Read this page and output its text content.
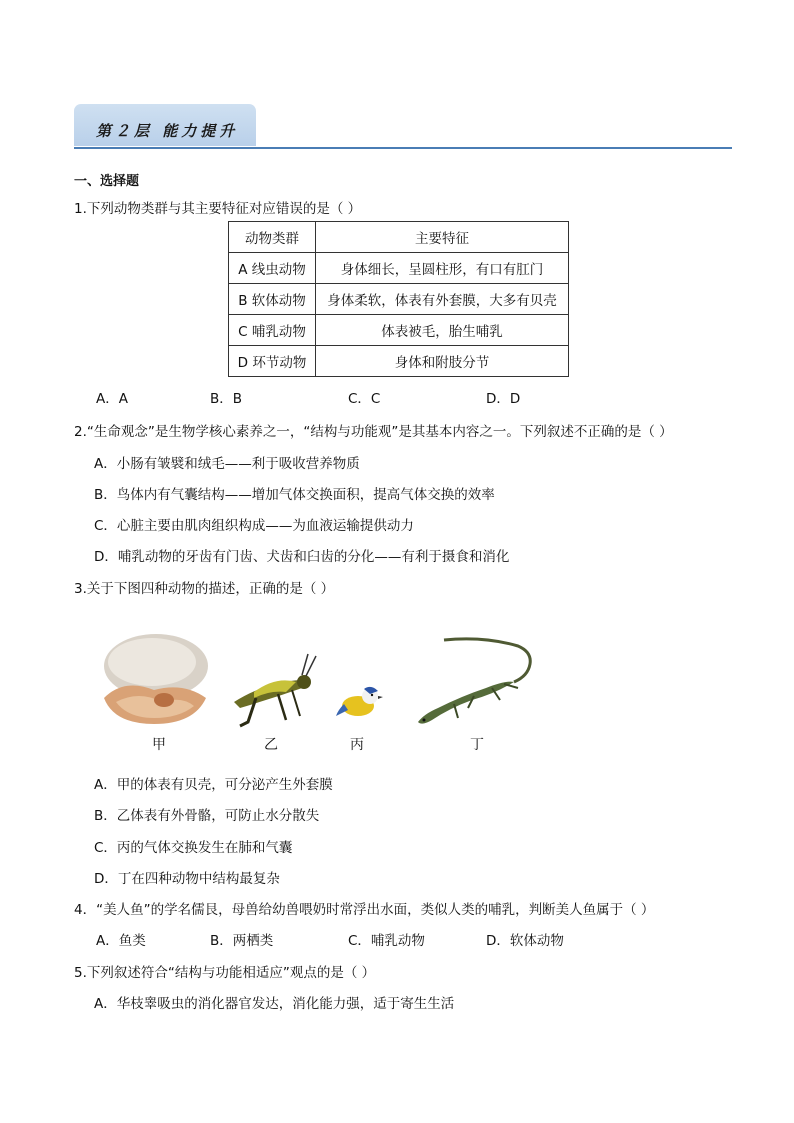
第２层 能力提升
一、选择题
1.下列动物类群与其主要特征对应错误的是（ ）
动物类群	主要特征
A 线虫动物	身体细长，呈圆柱形，有口有肛门
B 软体动物	身体柔软，体表有外套膜，大多有贝壳
C 哺乳动物	体表被毛，胎生哺乳
D 环节动物	身体和附肢分节
A．A	B．B	C．C	D．D
2.“生命观念”是生物学核心素养之一，“结构与功能观”是其基本内容之一。下列叙述不正确的是（ ）
A．小肠有皱襞和绒毛——利于吸收营养物质
B．鸟体内有气囊结构——增加气体交换面积，提高气体交换的效率
C．心脏主要由肌肉组织构成——为血液运输提供动力
D．哺乳动物的牙齿有门齿、犬齿和臼齿的分化——有利于摄食和消化
3.关于下图四种动物的描述，正确的是（ ）
甲	乙	丙	丁
A．甲的体表有贝壳，可分泌产生外套膜
B．乙体表有外骨骼，可防止水分散失
C．丙的气体交换发生在肺和气囊
D．丁在四种动物中结构最复杂
4．“美人鱼”的学名儒艮，母兽给幼兽喂奶时常浮出水面，类似人类的哺乳，判断美人鱼属于（ ）
A．鱼类	B．两栖类	C．哺乳动物	D．软体动物
5.下列叙述符合“结构与功能相适应”观点的是（ ）
A．华枝睾吸虫的消化器官发达，消化能力强，适于寄生生活
